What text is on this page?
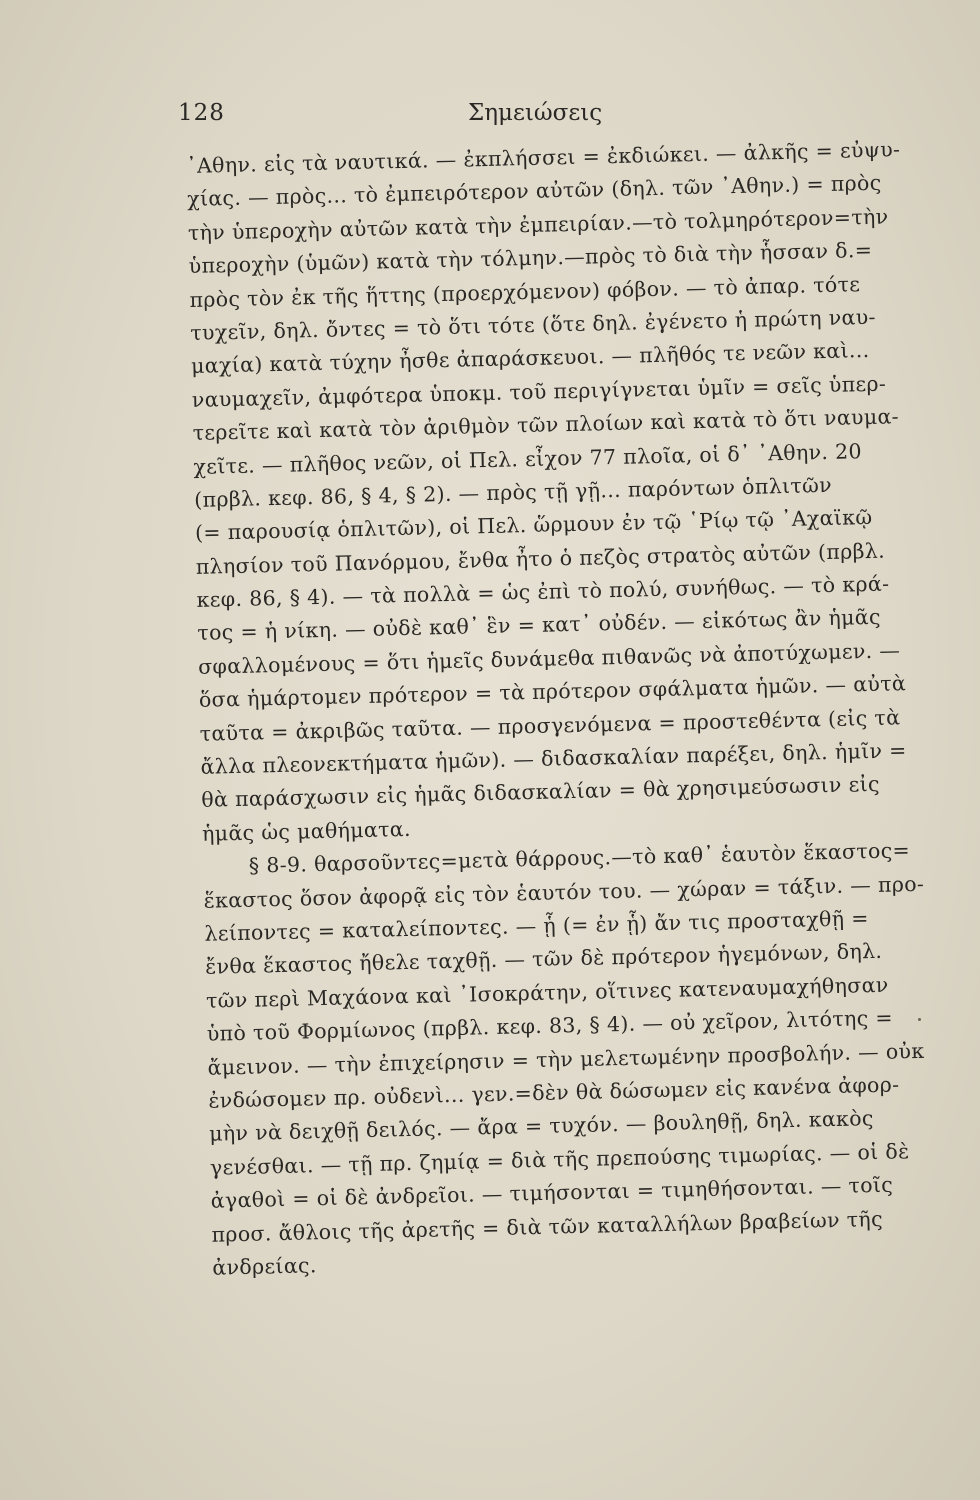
128	Σημειώσεις
᾿Αθην. εἰς τὰ ναυτικά. — ἐκπλήσσει = ἐκδιώκει. — ἀλκῆς = εὐψυ-
χίας. — πρὸς... τὸ ἐμπειρότερον αὐτῶν (δηλ. τῶν ᾿Αθην.) = πρὸς
τὴν ὑπεροχὴν αὐτῶν κατὰ τὴν ἐμπειρίαν.—τὸ τολμηρότερον=τὴν
ὑπεροχὴν (ὑμῶν) κατὰ τὴν τόλμην.—πρὸς τὸ διὰ τὴν ἧσσαν δ.=
πρὸς τὸν ἐκ τῆς ἥττης (προερχόμενον) φόβον. — τὸ ἀπαρ. τότε
τυχεῖν, δηλ. ὄντες = τὸ ὅτι τότε (ὅτε δηλ. ἐγένετο ἡ πρώτη ναυ-
μαχία) κατὰ τύχην ἦσθε ἀπαράσκευοι. — πλῆθός τε νεῶν καὶ...
ναυμαχεῖν, ἀμφότερα ὑποκμ. τοῦ περιγίγνεται ὑμῖν = σεῖς ὑπερ-
τερεῖτε καὶ κατὰ τὸν ἀριθμὸν τῶν πλοίων καὶ κατὰ τὸ ὅτι ναυμα-
χεῖτε. — πλῆθος νεῶν, οἱ Πελ. εἶχον 77 πλοῖα, οἱ δ᾿ ᾿Αθην. 20
(πρβλ. κεφ. 86, § 4, § 2). — πρὸς τῇ γῇ... παρόντων ὁπλιτῶν
(= παρουσίᾳ ὁπλιτῶν), οἱ Πελ. ὥρμουν ἐν τῷ ῾Ρίῳ τῷ ᾿Αχαϊκῷ
πλησίον τοῦ Πανόρμου, ἔνθα ἦτο ὁ πεζὸς στρατὸς αὐτῶν (πρβλ.
κεφ. 86, § 4). — τὰ πολλὰ = ὡς ἐπὶ τὸ πολύ, συνήθως. — τὸ κρά-
τος = ἡ νίκη. — οὐδὲ καθ᾿ ἓν = κατ᾿ οὐδέν. — εἰκότως ἂν ἡμᾶς
σφαλλομένους = ὅτι ἡμεῖς δυνάμεθα πιθανῶς νὰ ἀποτύχωμεν. —
ὅσα ἡμάρτομεν πρότερον = τὰ πρότερον σφάλματα ἡμῶν. — αὐτὰ
ταῦτα = ἀκριβῶς ταῦτα. — προσγενόμενα = προστεθέντα (εἰς τὰ
ἄλλα πλεονεκτήματα ἡμῶν). — διδασκαλίαν παρέξει, δηλ. ἡμῖν =
θὰ παράσχωσιν εἰς ἡμᾶς διδασκαλίαν = θὰ χρησιμεύσωσιν εἰς
ἡμᾶς ὡς μαθήματα.
§ 8-9. θαρσοῦντες=μετὰ θάρρους.—τὸ καθ᾿ ἑαυτὸν ἕκαστος=
ἕκαστος ὅσον ἀφορᾷ εἰς τὸν ἑαυτόν του. — χώραν = τάξιν. — προ-
λείποντες = καταλείποντες. — ᾗ (= ἐν ᾗ) ἄν τις προσταχθῇ =
ἔνθα ἕκαστος ἤθελε ταχθῇ. — τῶν δὲ πρότερον ἡγεμόνων, δηλ.
τῶν περὶ Μαχάονα καὶ ᾿Ισοκράτην, οἵτινες κατεναυμαχήθησαν
ὑπὸ τοῦ Φορμίωνος (πρβλ. κεφ. 83, § 4). — οὐ χεῖρον, λιτότης =
ἄμεινον. — τὴν ἐπιχείρησιν = τὴν μελετωμένην προσβολήν. — οὐκ
ἐνδώσομεν πρ. οὐδενὶ... γεν.=δὲν θὰ δώσωμεν εἰς κανένα ἀφορ-
μὴν νὰ δειχθῇ δειλός. — ἄρα = τυχόν. — βουληθῇ, δηλ. κακὸς
γενέσθαι. — τῇ πρ. ζημίᾳ = διὰ τῆς πρεπούσης τιμωρίας. — οἱ δὲ
ἀγαθοὶ = οἱ δὲ ἀνδρεῖοι. — τιμήσονται = τιμηθήσονται. — τοῖς
προσ. ἄθλοις τῆς ἀρετῆς = διὰ τῶν καταλλήλων βραβείων τῆς
ἀνδρείας.
